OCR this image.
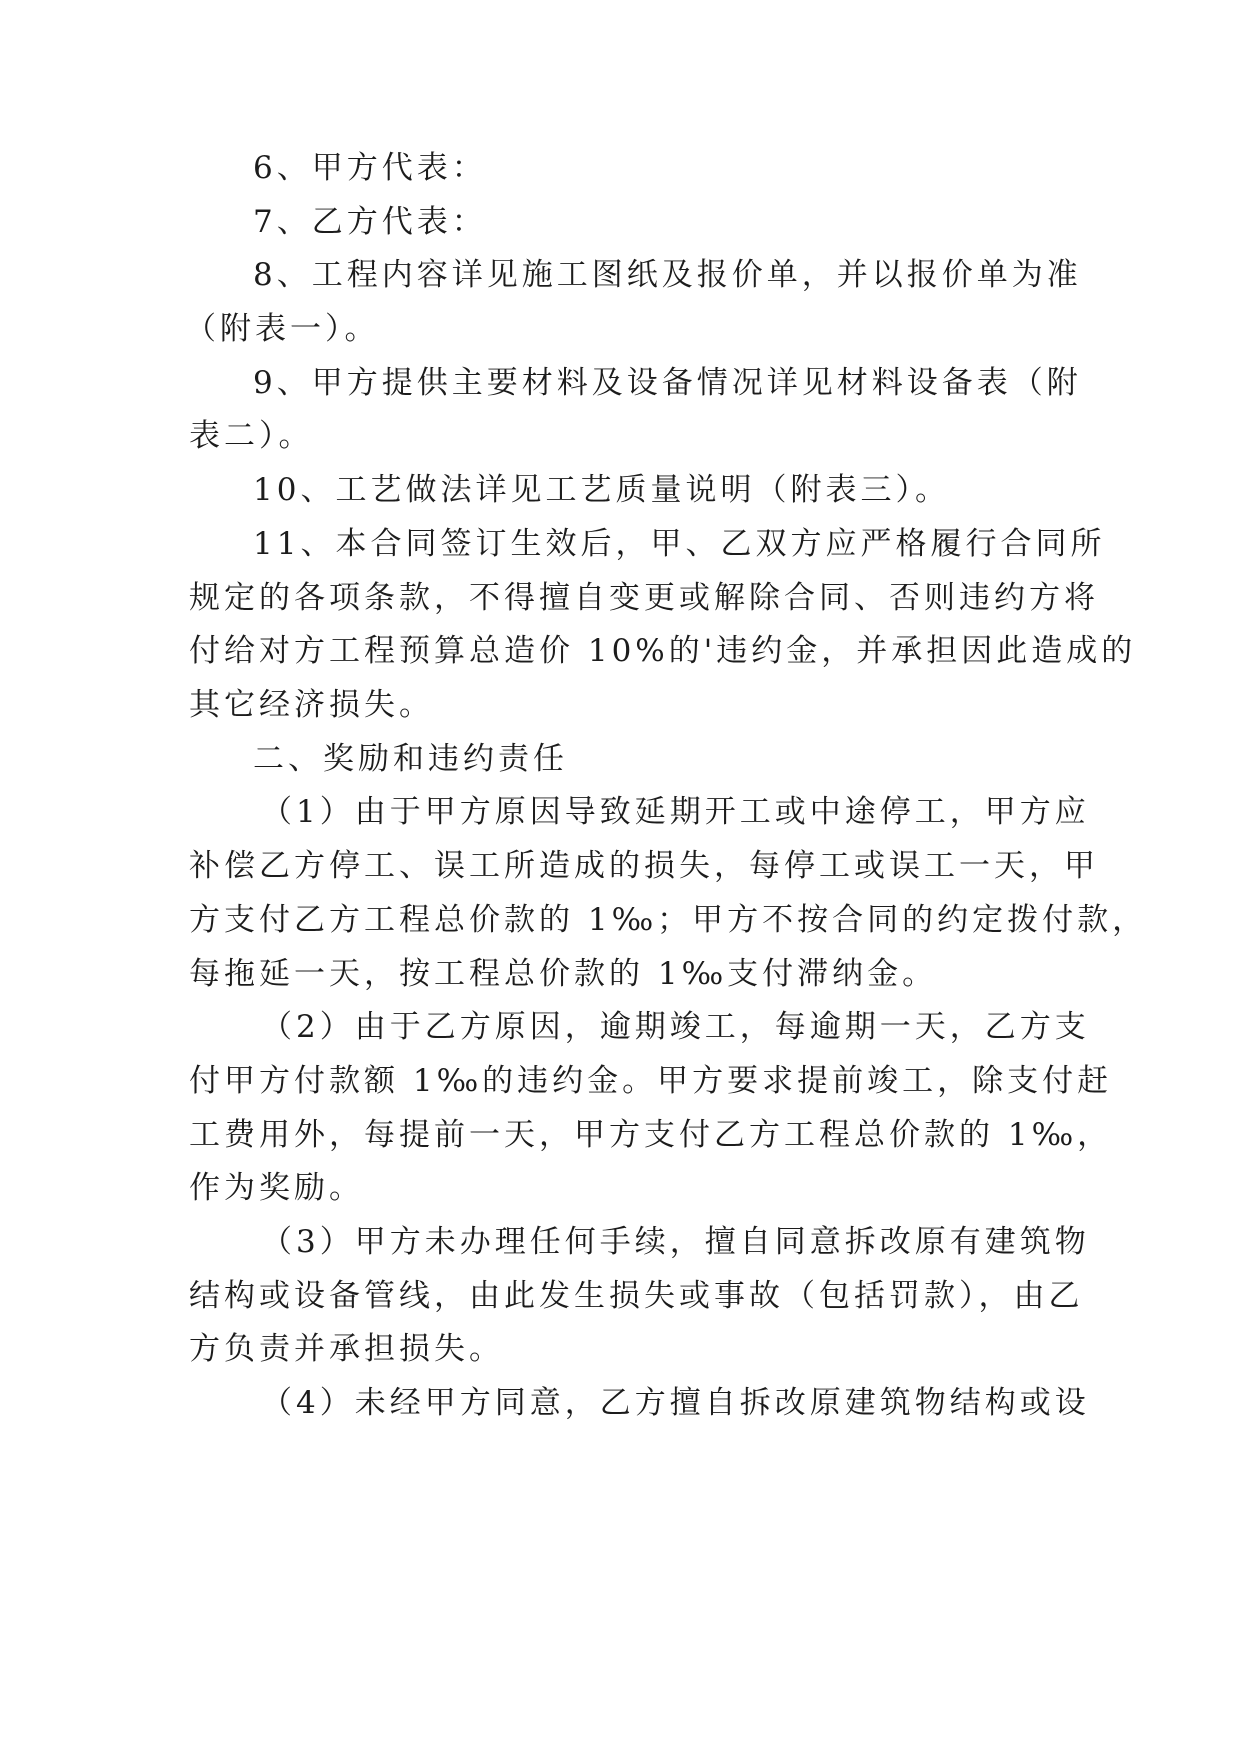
6、甲方代表：
7、乙方代表：
8、工程内容详见施工图纸及报价单，并以报价单为准
（附表一）。
9、甲方提供主要材料及设备情况详见材料设备表（附
表二）。
10、工艺做法详见工艺质量说明（附表三）。
11、本合同签订生效后，甲、乙双方应严格履行合同所
规定的各项条款，不得擅自变更或解除合同、否则违约方将
付给对方工程预算总造价 10%的'违约金，并承担因此造成的
其它经济损失。
二、奖励和违约责任
（1）由于甲方原因导致延期开工或中途停工，甲方应
补偿乙方停工、误工所造成的损失，每停工或误工一天，甲
方支付乙方工程总价款的 1‰；甲方不按合同的约定拨付款，
每拖延一天，按工程总价款的 1‰支付滞纳金。
（2）由于乙方原因，逾期竣工，每逾期一天，乙方支
付甲方付款额 1‰的违约金。甲方要求提前竣工，除支付赶
工费用外，每提前一天，甲方支付乙方工程总价款的 1‰，
作为奖励。
（3）甲方未办理任何手续，擅自同意拆改原有建筑物
结构或设备管线，由此发生损失或事故（包括罚款），由乙
方负责并承担损失。
（4）未经甲方同意，乙方擅自拆改原建筑物结构或设
